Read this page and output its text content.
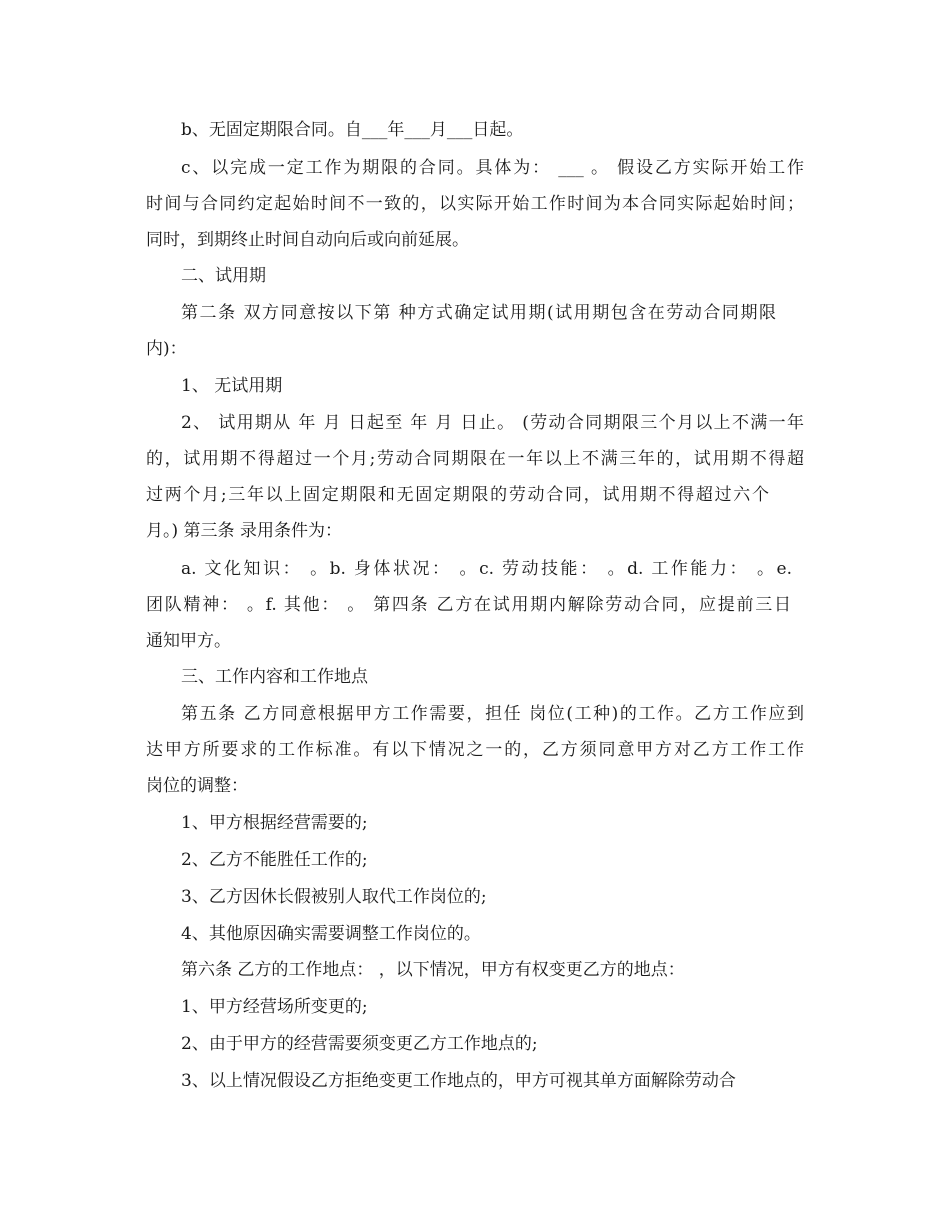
b、无固定期限合同。自___年___月___日起。
c、以完成一定工作为期限的合同。具体为： ___ 。 假设乙方实际开始工作
时间与合同约定起始时间不一致的，以实际开始工作时间为本合同实际起始时间；
同时，到期终止时间自动向后或向前延展。
二、试用期
第二条 双方同意按以下第 种方式确定试用期(试用期包含在劳动合同期限
内)：
1、 无试用期
2、 试用期从 年 月 日起至 年 月 日止。 (劳动合同期限三个月以上不满一年
的，试用期不得超过一个月;劳动合同期限在一年以上不满三年的，试用期不得超
过两个月;三年以上固定期限和无固定期限的劳动合同，试用期不得超过六个
月。) 第三条 录用条件为：
a. 文化知识： 。b. 身体状况： 。c. 劳动技能： 。d. 工作能力： 。e.
团队精神： 。f. 其他： 。 第四条 乙方在试用期内解除劳动合同，应提前三日
通知甲方。
三、工作内容和工作地点
第五条 乙方同意根据甲方工作需要，担任 岗位(工种)的工作。乙方工作应到
达甲方所要求的工作标准。有以下情况之一的，乙方须同意甲方对乙方工作工作
岗位的调整：
1、甲方根据经营需要的;
2、乙方不能胜任工作的;
3、乙方因休长假被别人取代工作岗位的;
4、其他原因确实需要调整工作岗位的。
第六条 乙方的工作地点： ，以下情况，甲方有权变更乙方的地点：
1、甲方经营场所变更的;
2、由于甲方的经营需要须变更乙方工作地点的;
3、以上情况假设乙方拒绝变更工作地点的，甲方可视其单方面解除劳动合
